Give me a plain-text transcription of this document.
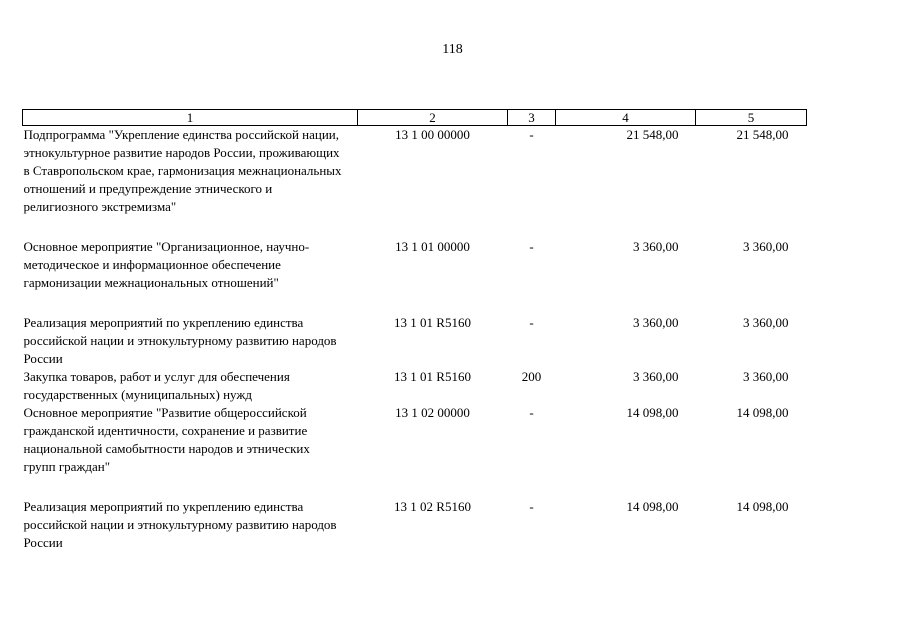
118
1	2	3	4	5
Подпрограмма "Укрепление единства российской нации, этнокультурное развитие народов России, проживающих в Ставропольском крае, гармонизация межнациональных отношений и предупреждение этнического и религиозного экстремизма"	13 1 00 00000	-	21 548,00	21 548,00

Основное мероприятие "Организационное, научно-методическое и информационное обеспечение гармонизации межнациональных отношений"	13 1 01 00000	-	3 360,00	3 360,00

Реализация мероприятий по укреплению единства российской нации и этнокультурному развитию народов России	13 1 01 R5160	-	3 360,00	3 360,00
Закупка товаров, работ и услуг для обеспечения государственных (муниципальных) нужд	13 1 01 R5160	200	3 360,00	3 360,00
Основное мероприятие "Развитие общероссийской гражданской идентичности, сохранение и развитие национальной самобытности народов и этнических групп граждан"	13 1 02 00000	-	14 098,00	14 098,00

Реализация мероприятий по укреплению единства российской нации и этнокультурному развитию народов России	13 1 02 R5160	-	14 098,00	14 098,00
